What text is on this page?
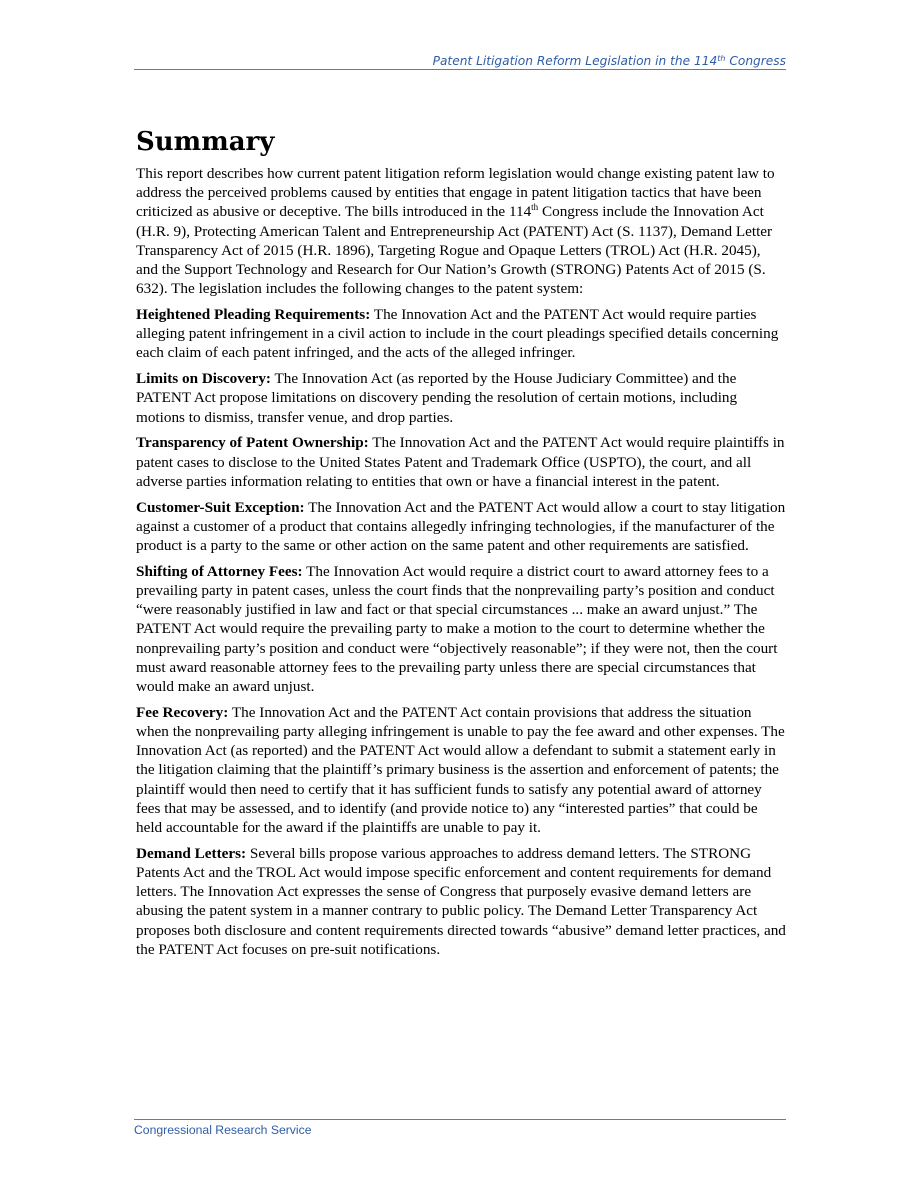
Patent Litigation Reform Legislation in the 114th Congress
Summary

This report describes how current patent litigation reform legislation would change existing patent law to address the perceived problems caused by entities that engage in patent litigation tactics that have been criticized as abusive or deceptive. The bills introduced in the 114th Congress include the Innovation Act (H.R. 9), Protecting American Talent and Entrepreneurship Act (PATENT) Act (S. 1137), Demand Letter Transparency Act of 2015 (H.R. 1896), Targeting Rogue and Opaque Letters (TROL) Act (H.R. 2045), and the Support Technology and Research for Our Nation’s Growth (STRONG) Patents Act of 2015 (S. 632). The legislation includes the following changes to the patent system:

Heightened Pleading Requirements: The Innovation Act and the PATENT Act would require parties alleging patent infringement in a civil action to include in the court pleadings specified details concerning each claim of each patent infringed, and the acts of the alleged infringer.

Limits on Discovery: The Innovation Act (as reported by the House Judiciary Committee) and the PATENT Act propose limitations on discovery pending the resolution of certain motions, including motions to dismiss, transfer venue, and drop parties.

Transparency of Patent Ownership: The Innovation Act and the PATENT Act would require plaintiffs in patent cases to disclose to the United States Patent and Trademark Office (USPTO), the court, and all adverse parties information relating to entities that own or have a financial interest in the patent.

Customer-Suit Exception: The Innovation Act and the PATENT Act would allow a court to stay litigation against a customer of a product that contains allegedly infringing technologies, if the manufacturer of the product is a party to the same or other action on the same patent and other requirements are satisfied.

Shifting of Attorney Fees: The Innovation Act would require a district court to award attorney fees to a prevailing party in patent cases, unless the court finds that the nonprevailing party’s position and conduct “were reasonably justified in law and fact or that special circumstances ... make an award unjust.” The PATENT Act would require the prevailing party to make a motion to the court to determine whether the nonprevailing party’s position and conduct were “objectively reasonable”; if they were not, then the court must award reasonable attorney fees to the prevailing party unless there are special circumstances that would make an award unjust.

Fee Recovery: The Innovation Act and the PATENT Act contain provisions that address the situation when the nonprevailing party alleging infringement is unable to pay the fee award and other expenses. The Innovation Act (as reported) and the PATENT Act would allow a defendant to submit a statement early in the litigation claiming that the plaintiff’s primary business is the assertion and enforcement of patents; the plaintiff would then need to certify that it has sufficient funds to satisfy any potential award of attorney fees that may be assessed, and to identify (and provide notice to) any “interested parties” that could be held accountable for the award if the plaintiffs are unable to pay it.

Demand Letters: Several bills propose various approaches to address demand letters. The STRONG Patents Act and the TROL Act would impose specific enforcement and content requirements for demand letters. The Innovation Act expresses the sense of Congress that purposely evasive demand letters are abusing the patent system in a manner contrary to public policy. The Demand Letter Transparency Act proposes both disclosure and content requirements directed towards “abusive” demand letter practices, and the PATENT Act focuses on pre-suit notifications.

Congressional Research Service
